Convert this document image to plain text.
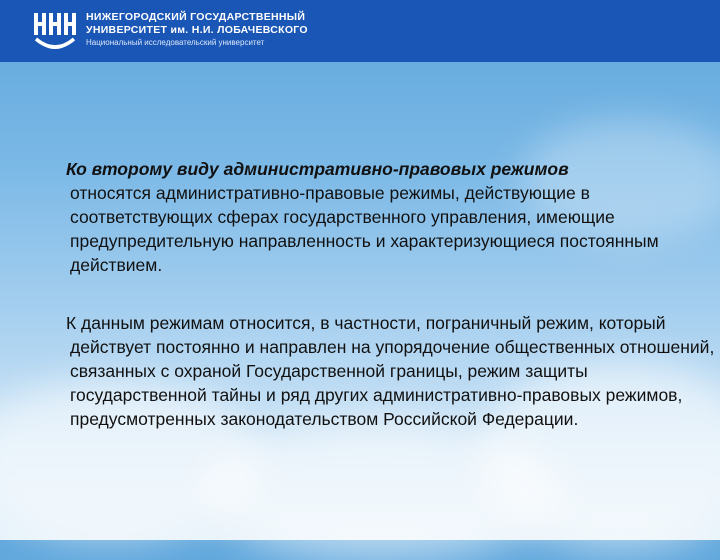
НИЖЕГОРОДСКИЙ ГОСУДАРСТВЕННЫЙ
УНИВЕРСИТЕТ им. Н.И. ЛОБАЧЕВСКОГО
Национальный исследовательский университет

Ко второму виду административно-правовых режимов
относятся административно-правовые режимы, действующие в соответствующих сферах государственного управления, имеющие предупредительную направленность и характеризующиеся постоянным действием.

К данным режимам относится, в частности, пограничный режим, который действует постоянно и направлен на упорядочение общественных отношений, связанных с охраной Государственной границы, режим защиты государственной тайны и ряд других административно-правовых режимов, предусмотренных законодательством Российской Федерации.
